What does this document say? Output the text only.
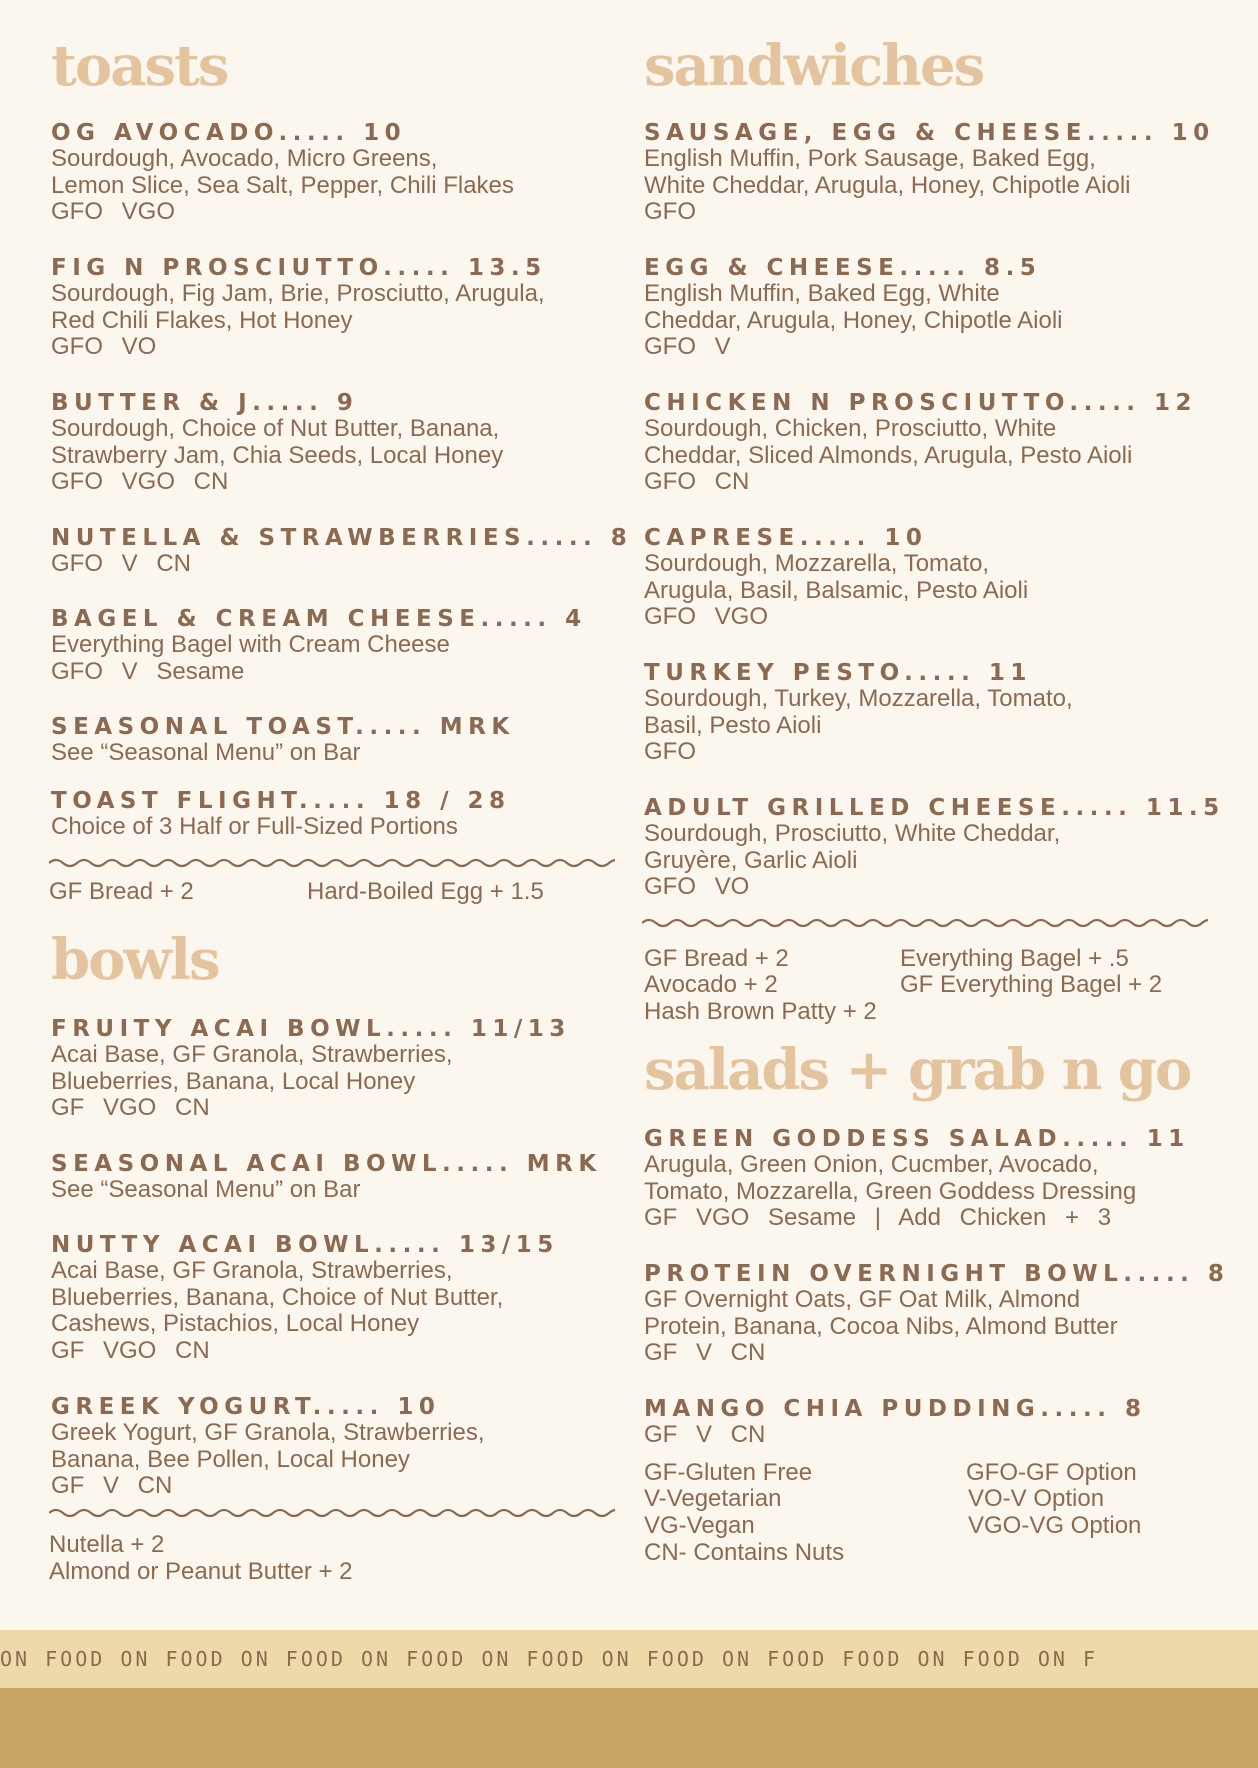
toasts
OG AVOCADO..... 10
Sourdough, Avocado, Micro Greens,
Lemon Slice, Sea Salt, Pepper, Chili Flakes
GFO VGO
FIG N PROSCIUTTO..... 13.5
Sourdough, Fig Jam, Brie, Prosciutto, Arugula,
Red Chili Flakes, Hot Honey
GFO VO
BUTTER & J..... 9
Sourdough, Choice of Nut Butter, Banana,
Strawberry Jam, Chia Seeds, Local Honey
GFO VGO CN
NUTELLA & STRAWBERRIES..... 8
GFO V CN
BAGEL & CREAM CHEESE..... 4
Everything Bagel with Cream Cheese
GFO V Sesame
SEASONAL TOAST..... MRK
See “Seasonal Menu” on Bar
TOAST FLIGHT..... 18 / 28
Choice of 3 Half or Full-Sized Portions
GF Bread + 2	Hard-Boiled Egg + 1.5
bowls
FRUITY ACAI BOWL..... 11/13
Acai Base, GF Granola, Strawberries,
Blueberries, Banana, Local Honey
GF VGO CN
SEASONAL ACAI BOWL..... MRK
See “Seasonal Menu” on Bar
NUTTY ACAI BOWL..... 13/15
Acai Base, GF Granola, Strawberries,
Blueberries, Banana, Choice of Nut Butter,
Cashews, Pistachios, Local Honey
GF VGO CN
GREEK YOGURT..... 10
Greek Yogurt, GF Granola, Strawberries,
Banana, Bee Pollen, Local Honey
GF V CN
Nutella + 2
Almond or Peanut Butter + 2
sandwiches
SAUSAGE, EGG & CHEESE..... 10
English Muffin, Pork Sausage, Baked Egg,
White Cheddar, Arugula, Honey, Chipotle Aioli
GFO
EGG & CHEESE..... 8.5
English Muffin, Baked Egg, White
Cheddar, Arugula, Honey, Chipotle Aioli
GFO V
CHICKEN N PROSCIUTTO..... 12
Sourdough, Chicken, Prosciutto, White
Cheddar, Sliced Almonds, Arugula, Pesto Aioli
GFO CN
CAPRESE..... 10
Sourdough, Mozzarella, Tomato,
Arugula, Basil, Balsamic, Pesto Aioli
GFO VGO
TURKEY PESTO..... 11
Sourdough, Turkey, Mozzarella, Tomato,
Basil, Pesto Aioli
GFO
ADULT GRILLED CHEESE..... 11.5
Sourdough, Prosciutto, White Cheddar,
Gruyère, Garlic Aioli
GFO VO
GF Bread + 2	Everything Bagel + .5
Avocado + 2	GF Everything Bagel + 2
Hash Brown Patty + 2
salads + grab n go
GREEN GODDESS SALAD..... 11
Arugula, Green Onion, Cucmber, Avocado,
Tomato, Mozzarella, Green Goddess Dressing
GF VGO Sesame | Add Chicken + 3
PROTEIN OVERNIGHT BOWL..... 8
GF Overnight Oats, GF Oat Milk, Almond
Protein, Banana, Cocoa Nibs, Almond Butter
GF V CN
MANGO CHIA PUDDING..... 8
GF V CN
GF-Gluten Free
V-Vegetarian
VG-Vegan
CN- Contains Nuts
GFO-GF Option
VO-V Option
VGO-VG Option
ON FOOD ON FOOD ON FOOD ON FOOD ON FOOD ON FOOD ON FOOD FOOD ON FOOD ON F
